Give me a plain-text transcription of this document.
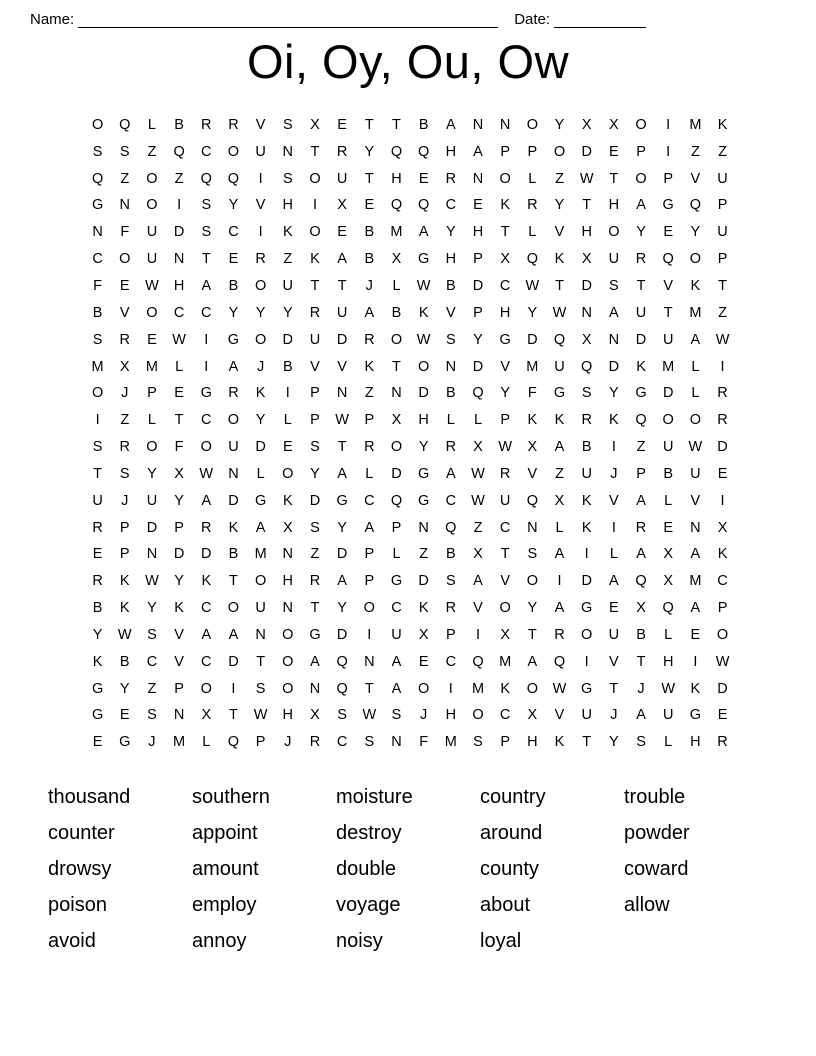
Name:	Date:
Oi, Oy, Ou, Ow
O	Q	L	B	R	R	V	S	X	E	T	T	B	A	N	N	O	Y	X	X	O	I	M	K
S	S	Z	Q	C	O	U	N	T	R	Y	Q	Q	H	A	P	P	O	D	E	P	I	Z	Z
Q	Z	O	Z	Q	Q	I	S	O	U	T	H	E	R	N	O	L	Z	W	T	O	P	V	U
G	N	O	I	S	Y	V	H	I	X	E	Q	Q	C	E	K	R	Y	T	H	A	G	Q	P
N	F	U	D	S	C	I	K	O	E	B	M	A	Y	H	T	L	V	H	O	Y	E	Y	U
C	O	U	N	T	E	R	Z	K	A	B	X	G	H	P	X	Q	K	X	U	R	Q	O	P
F	E	W	H	A	B	O	U	T	T	J	L	W	B	D	C	W	T	D	S	T	V	K	T
B	V	O	C	C	Y	Y	Y	R	U	A	B	K	V	P	H	Y	W	N	A	U	T	M	Z
S	R	E	W	I	G	O	D	U	D	R	O	W	S	Y	G	D	Q	X	N	D	U	A	W
M	X	M	L	I	A	J	B	V	V	K	T	O	N	D	V	M	U	Q	D	K	M	L	I
O	J	P	E	G	R	K	I	P	N	Z	N	D	B	Q	Y	F	G	S	Y	G	D	L	R
I	Z	L	T	C	O	Y	L	P	W	P	X	H	L	L	P	K	K	R	K	Q	O	O	R
S	R	O	F	O	U	D	E	S	T	R	O	Y	R	X	W	X	A	B	I	Z	U	W	D
T	S	Y	X	W	N	L	O	Y	A	L	D	G	A	W	R	V	Z	U	J	P	B	U	E
U	J	U	Y	A	D	G	K	D	G	C	Q	G	C	W	U	Q	X	K	V	A	L	V	I
R	P	D	P	R	K	A	X	S	Y	A	P	N	Q	Z	C	N	L	K	I	R	E	N	X
E	P	N	D	D	B	M	N	Z	D	P	L	Z	B	X	T	S	A	I	L	A	X	A	K
R	K	W	Y	K	T	O	H	R	A	P	G	D	S	A	V	O	I	D	A	Q	X	M	C
B	K	Y	K	C	O	U	N	T	Y	O	C	K	R	V	O	Y	A	G	E	X	Q	A	P
Y	W	S	V	A	A	N	O	G	D	I	U	X	P	I	X	T	R	O	U	B	L	E	O
K	B	C	V	C	D	T	O	A	Q	N	A	E	C	Q	M	A	Q	I	V	T	H	I	W
G	Y	Z	P	O	I	S	O	N	Q	T	A	O	I	M	K	O	W	G	T	J	W	K	D
G	E	S	N	X	T	W	H	X	S	W	S	J	H	O	C	X	V	U	J	A	U	G	E
E	G	J	M	L	Q	P	J	R	C	S	N	F	M	S	P	H	K	T	Y	S	L	H	R
thousand
counter
drowsy
poison
avoid
southern
appoint
amount
employ
annoy
moisture
destroy
double
voyage
noisy
country
around
county
about
loyal
trouble
powder
coward
allow
